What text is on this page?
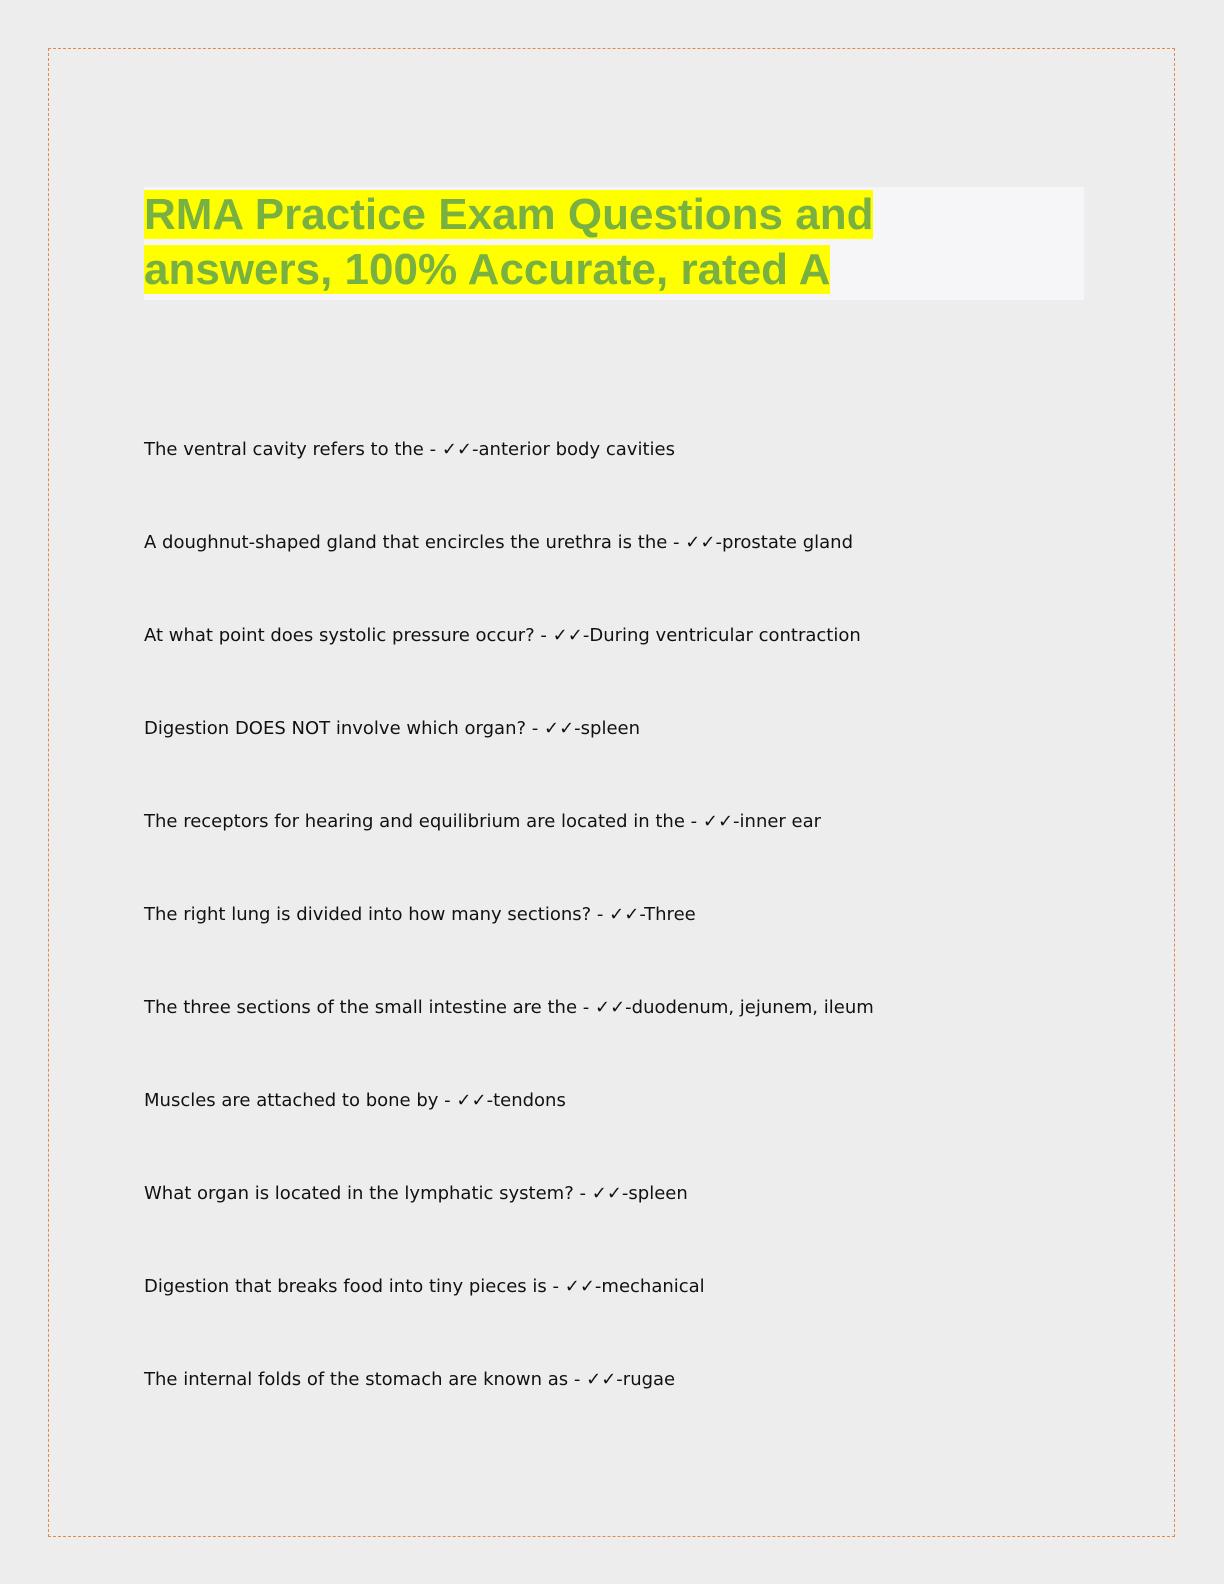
RMA Practice Exam Questions and
answers, 100% Accurate, rated A
The ventral cavity refers to the - ✓✓-anterior body cavities
A doughnut-shaped gland that encircles the urethra is the - ✓✓-prostate gland
At what point does systolic pressure occur? - ✓✓-During ventricular contraction
Digestion DOES NOT involve which organ? - ✓✓-spleen
The receptors for hearing and equilibrium are located in the - ✓✓-inner ear
The right lung is divided into how many sections? - ✓✓-Three
The three sections of the small intestine are the - ✓✓-duodenum, jejunem, ileum
Muscles are attached to bone by - ✓✓-tendons
What organ is located in the lymphatic system? - ✓✓-spleen
Digestion that breaks food into tiny pieces is - ✓✓-mechanical
The internal folds of the stomach are known as - ✓✓-rugae
